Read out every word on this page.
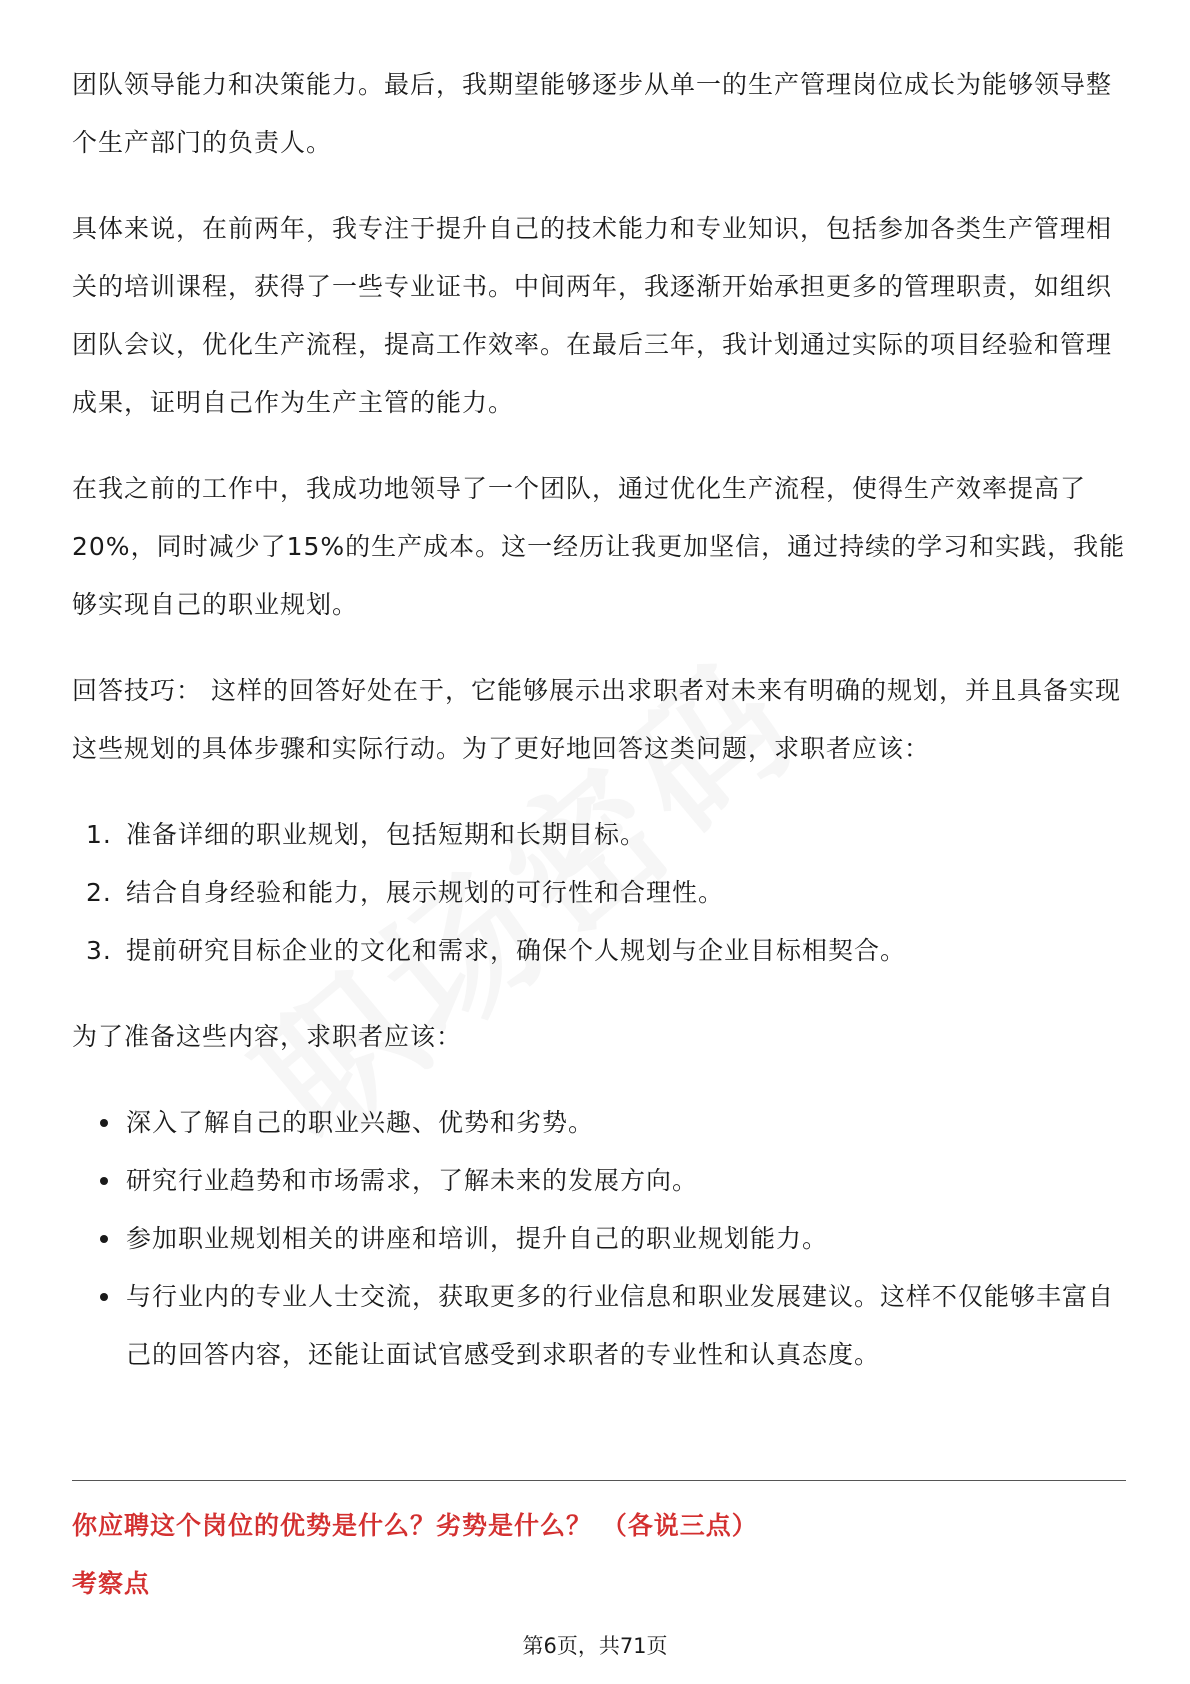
团队领导能力和决策能力。最后，我期望能够逐步从单一的生产管理岗位成长为能够领导整个生产部门的负责人。

具体来说，在前两年，我专注于提升自己的技术能力和专业知识，包括参加各类生产管理相关的培训课程，获得了一些专业证书。中间两年，我逐渐开始承担更多的管理职责，如组织团队会议，优化生产流程，提高工作效率。在最后三年，我计划通过实际的项目经验和管理成果，证明自己作为生产主管的能力。

在我之前的工作中，我成功地领导了一个团队，通过优化生产流程，使得生产效率提高了20%，同时减少了15%的生产成本。这一经历让我更加坚信，通过持续的学习和实践，我能够实现自己的职业规划。

回答技巧： 这样的回答好处在于，它能够展示出求职者对未来有明确的规划，并且具备实现这些规划的具体步骤和实际行动。为了更好地回答这类问题，求职者应该：

1. 准备详细的职业规划，包括短期和长期目标。
2. 结合自身经验和能力，展示规划的可行性和合理性。
3. 提前研究目标企业的文化和需求，确保个人规划与企业目标相契合。

为了准备这些内容，求职者应该：

深入了解自己的职业兴趣、优势和劣势。
研究行业趋势和市场需求，了解未来的发展方向。
参加职业规划相关的讲座和培训，提升自己的职业规划能力。
与行业内的专业人士交流，获取更多的行业信息和职业发展建议。这样不仅能够丰富自己的回答内容，还能让面试官感受到求职者的专业性和认真态度。
你应聘这个岗位的优势是什么？劣势是什么？ （各说三点）
考察点
第6页，共71页
